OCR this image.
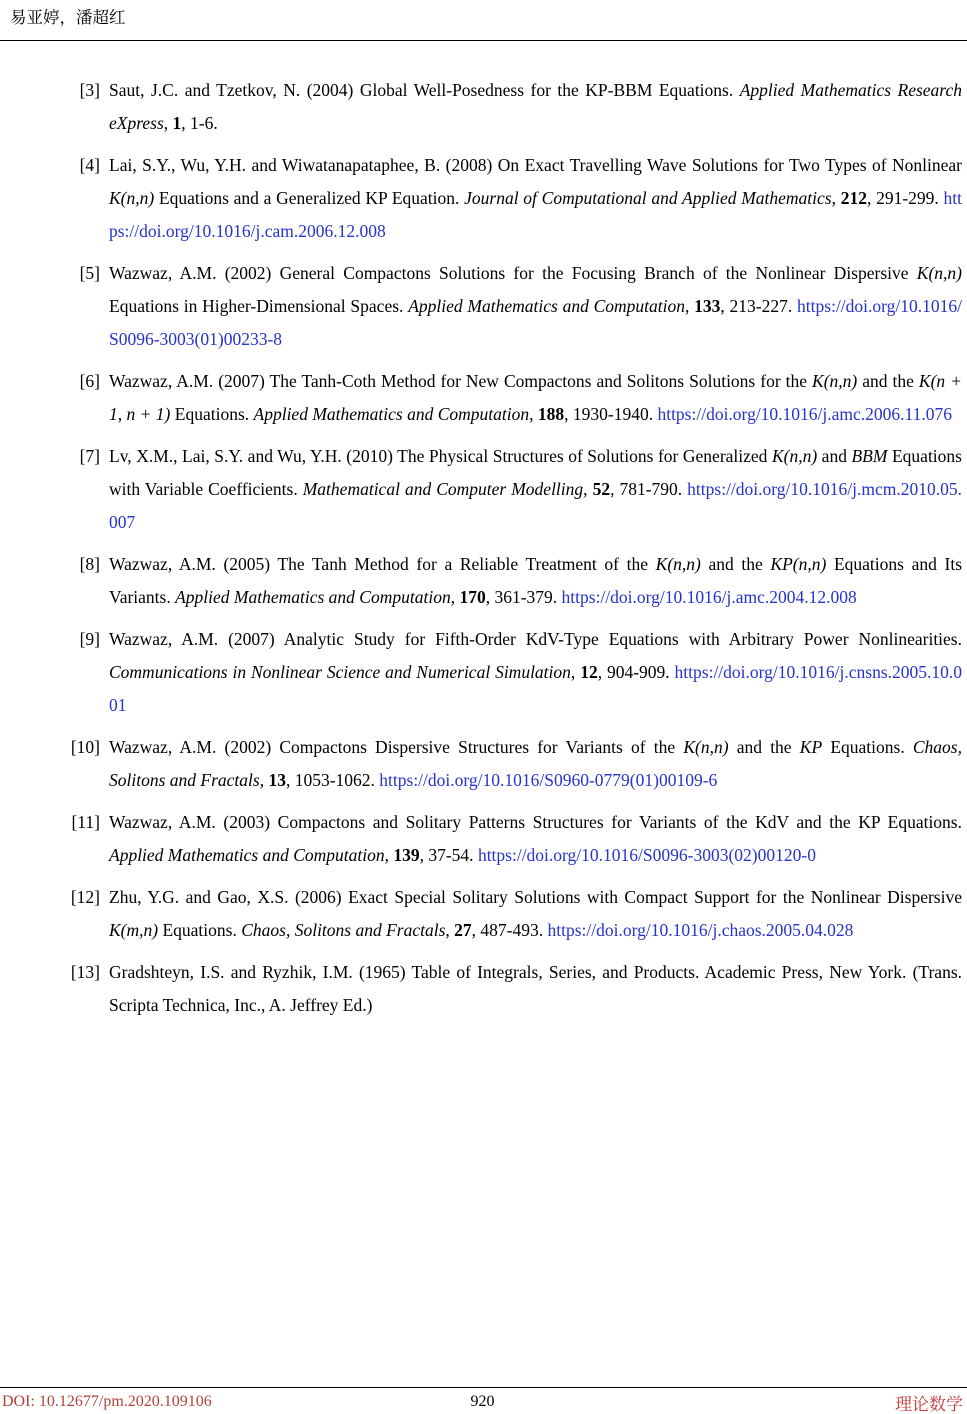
易亚婷，潘超红
[3] Saut, J.C. and Tzetkov, N. (2004) Global Well-Posedness for the KP-BBM Equations. Applied Mathematics Research eXpress, 1, 1-6.
[4] Lai, S.Y., Wu, Y.H. and Wiwatanapataphee, B. (2008) On Exact Travelling Wave Solutions for Two Types of Nonlinear K(n,n) Equations and a Generalized KP Equation. Journal of Computational and Applied Mathematics, 212, 291-299. https://doi.org/10.1016/j.cam.2006.12.008
[5] Wazwaz, A.M. (2002) General Compactons Solutions for the Focusing Branch of the Nonlinear Dispersive K(n,n) Equations in Higher-Dimensional Spaces. Applied Mathematics and Computation, 133, 213-227. https://doi.org/10.1016/S0096-3003(01)00233-8
[6] Wazwaz, A.M. (2007) The Tanh-Coth Method for New Compactons and Solitons Solutions for the K(n,n) and the K(n + 1, n + 1) Equations. Applied Mathematics and Computation, 188, 1930-1940. https://doi.org/10.1016/j.amc.2006.11.076
[7] Lv, X.M., Lai, S.Y. and Wu, Y.H. (2010) The Physical Structures of Solutions for Generalized K(n,n) and BBM Equations with Variable Coefficients. Mathematical and Computer Modelling, 52, 781-790. https://doi.org/10.1016/j.mcm.2010.05.007
[8] Wazwaz, A.M. (2005) The Tanh Method for a Reliable Treatment of the K(n,n) and the KP(n,n) Equations and Its Variants. Applied Mathematics and Computation, 170, 361-379. https://doi.org/10.1016/j.amc.2004.12.008
[9] Wazwaz, A.M. (2007) Analytic Study for Fifth-Order KdV-Type Equations with Arbitrary Power Nonlinearities. Communications in Nonlinear Science and Numerical Simulation, 12, 904-909. https://doi.org/10.1016/j.cnsns.2005.10.001
[10] Wazwaz, A.M. (2002) Compactons Dispersive Structures for Variants of the K(n,n) and the KP Equations. Chaos, Solitons and Fractals, 13, 1053-1062. https://doi.org/10.1016/S0960-0779(01)00109-6
[11] Wazwaz, A.M. (2003) Compactons and Solitary Patterns Structures for Variants of the KdV and the KP Equations. Applied Mathematics and Computation, 139, 37-54. https://doi.org/10.1016/S0096-3003(02)00120-0
[12] Zhu, Y.G. and Gao, X.S. (2006) Exact Special Solitary Solutions with Compact Support for the Nonlinear Dispersive K(m,n) Equations. Chaos, Solitons and Fractals, 27, 487-493. https://doi.org/10.1016/j.chaos.2005.04.028
[13] Gradshteyn, I.S. and Ryzhik, I.M. (1965) Table of Integrals, Series, and Products. Academic Press, New York. (Trans. Scripta Technica, Inc., A. Jeffrey Ed.)
DOI: 10.12677/pm.2020.109106	920	理论数学
